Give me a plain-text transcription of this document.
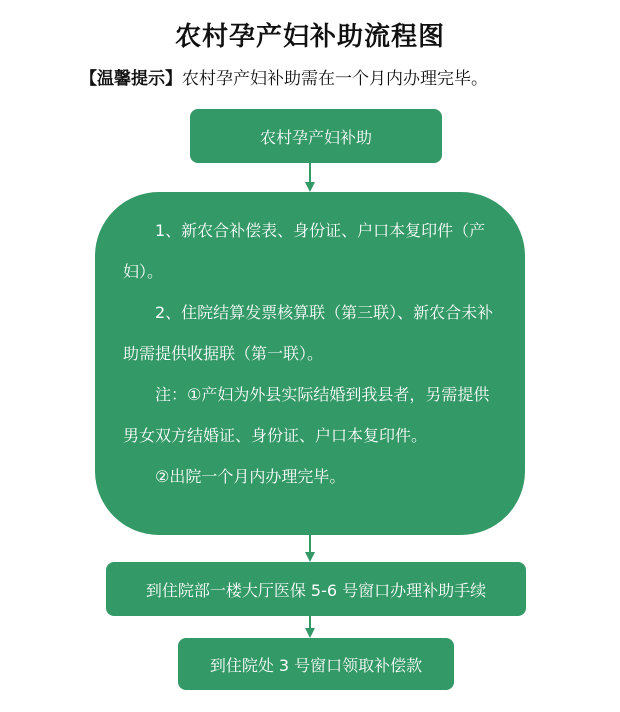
农村孕产妇补助流程图
【温馨提示】农村孕产妇补助需在一个月内办理完毕。
农村孕产妇补助

1、新农合补偿表、身份证、户口本复印件（产妇）。

2、住院结算发票核算联（第三联）、新农合未补助需提供收据联（第一联）。

注：①产妇为外县实际结婚到我县者，另需提供男女双方结婚证、身份证、户口本复印件。

②出院一个月内办理完毕。

到住院部一楼大厅医保 5-6 号窗口办理补助手续
到住院处 3 号窗口领取补偿款
